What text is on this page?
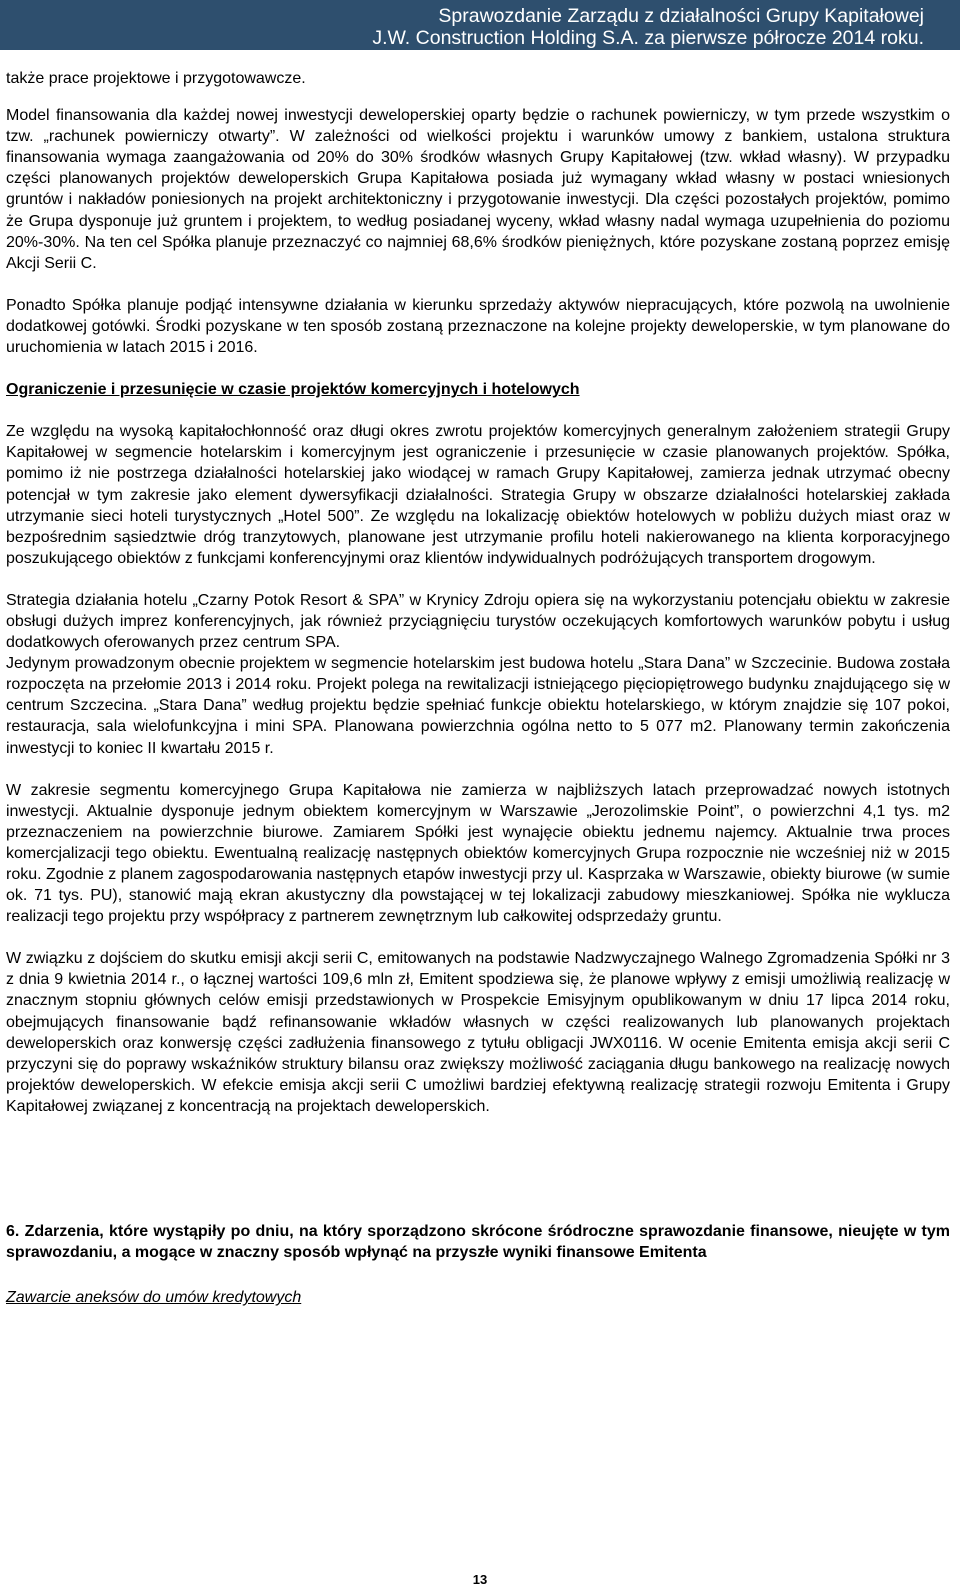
Sprawozdanie Zarządu z działalności Grupy Kapitałowej
J.W. Construction Holding S.A. za pierwsze półrocze 2014 roku.

także prace projektowe i przygotowawcze.

Model finansowania dla każdej nowej inwestycji deweloperskiej oparty będzie o rachunek powierniczy, w tym przede wszystkim o tzw. „rachunek powierniczy otwarty”. W zależności od wielkości projektu i warunków umowy z bankiem, ustalona struktura finansowania wymaga zaangażowania od 20% do 30% środków własnych Grupy Kapitałowej (tzw. wkład własny). W przypadku części planowanych projektów deweloperskich Grupa Kapitałowa posiada już wymagany wkład własny w postaci wniesionych gruntów i nakładów poniesionych na projekt architektoniczny i przygotowanie inwestycji. Dla części pozostałych projektów, pomimo że Grupa dysponuje już gruntem i projektem, to według posiadanej wyceny, wkład własny nadal wymaga uzupełnienia do poziomu 20%-30%. Na ten cel Spółka planuje przeznaczyć co najmniej 68,6% środków pieniężnych, które pozyskane zostaną poprzez emisję Akcji Serii C.

Ponadto Spółka planuje podjąć intensywne działania w kierunku sprzedaży aktywów niepracujących, które pozwolą na uwolnienie dodatkowej gotówki. Środki pozyskane w ten sposób zostaną przeznaczone na kolejne projekty deweloperskie, w tym planowane do uruchomienia w latach 2015 i 2016.

Ograniczenie i przesunięcie w czasie projektów komercyjnych i hotelowych

Ze względu na wysoką kapitałochłonność oraz długi okres zwrotu projektów komercyjnych generalnym założeniem strategii Grupy Kapitałowej w segmencie hotelarskim i komercyjnym jest ograniczenie i przesunięcie w czasie planowanych projektów. Spółka, pomimo iż nie postrzega działalności hotelarskiej jako wiodącej w ramach Grupy Kapitałowej, zamierza jednak utrzymać obecny potencjał w tym zakresie jako element dywersyfikacji działalności. Strategia Grupy w obszarze działalności hotelarskiej zakłada utrzymanie sieci hoteli turystycznych „Hotel 500”. Ze względu na lokalizację obiektów hotelowych w pobliżu dużych miast oraz w bezpośrednim sąsiedztwie dróg tranzytowych, planowane jest utrzymanie profilu hoteli nakierowanego na klienta korporacyjnego poszukującego obiektów z funkcjami konferencyjnymi oraz klientów indywidualnych podróżujących transportem drogowym.

Strategia działania hotelu „Czarny Potok Resort & SPA” w Krynicy Zdroju opiera się na wykorzystaniu potencjału obiektu w zakresie obsługi dużych imprez konferencyjnych, jak również przyciągnięciu turystów oczekujących komfortowych warunków pobytu i usług dodatkowych oferowanych przez centrum SPA.

Jedynym prowadzonym obecnie projektem w segmencie hotelarskim jest budowa hotelu „Stara Dana” w Szczecinie. Budowa została rozpoczęta na przełomie 2013 i 2014 roku. Projekt polega na rewitalizacji istniejącego pięciopiętrowego budynku znajdującego się w centrum Szczecina. „Stara Dana” według projektu będzie spełniać funkcje obiektu hotelarskiego, w którym znajdzie się 107 pokoi, restauracja, sala wielofunkcyjna i mini SPA. Planowana powierzchnia ogólna netto to 5 077 m2. Planowany termin zakończenia inwestycji to koniec II kwartału 2015 r.

W zakresie segmentu komercyjnego Grupa Kapitałowa nie zamierza w najbliższych latach przeprowadzać nowych istotnych inwestycji. Aktualnie dysponuje jednym obiektem komercyjnym w Warszawie „Jerozolimskie Point”, o powierzchni 4,1 tys. m2 przeznaczeniem na powierzchnie biurowe. Zamiarem Spółki jest wynajęcie obiektu jednemu najemcy. Aktualnie trwa proces komercjalizacji tego obiektu. Ewentualną realizację następnych obiektów komercyjnych Grupa rozpocznie nie wcześniej niż w 2015 roku. Zgodnie z planem zagospodarowania następnych etapów inwestycji przy ul. Kasprzaka w Warszawie, obiekty biurowe (w sumie ok. 71 tys. PU), stanowić mają ekran akustyczny dla powstającej w tej lokalizacji zabudowy mieszkaniowej. Spółka nie wyklucza realizacji tego projektu przy współpracy z partnerem zewnętrznym lub całkowitej odsprzedaży gruntu.

W związku z dojściem do skutku emisji akcji serii C, emitowanych na podstawie Nadzwyczajnego Walnego Zgromadzenia Spółki nr 3 z dnia 9 kwietnia 2014 r., o łącznej wartości 109,6 mln zł, Emitent spodziewa się, że planowe wpływy z emisji umożliwią realizację w znacznym stopniu głównych celów emisji przedstawionych w Prospekcie Emisyjnym opublikowanym w dniu 17 lipca 2014 roku, obejmujących finansowanie bądź refinansowanie wkładów własnych w części realizowanych lub planowanych projektach deweloperskich oraz konwersję części zadłużenia finansowego z tytułu obligacji JWX0116. W ocenie Emitenta emisja akcji serii C przyczyni się do poprawy wskaźników struktury bilansu oraz zwiększy możliwość zaciągania długu bankowego na realizację nowych projektów deweloperskich. W efekcie emisja akcji serii C umożliwi bardziej efektywną realizację strategii rozwoju Emitenta i Grupy Kapitałowej związanej z koncentracją na projektach deweloperskich.

6. Zdarzenia, które wystąpiły po dniu, na który sporządzono skrócone śródroczne sprawozdanie finansowe, nieujęte w tym sprawozdaniu, a mogące w znaczny sposób wpłynąć na przyszłe wyniki finansowe Emitenta

Zawarcie aneksów do umów kredytowych

13
